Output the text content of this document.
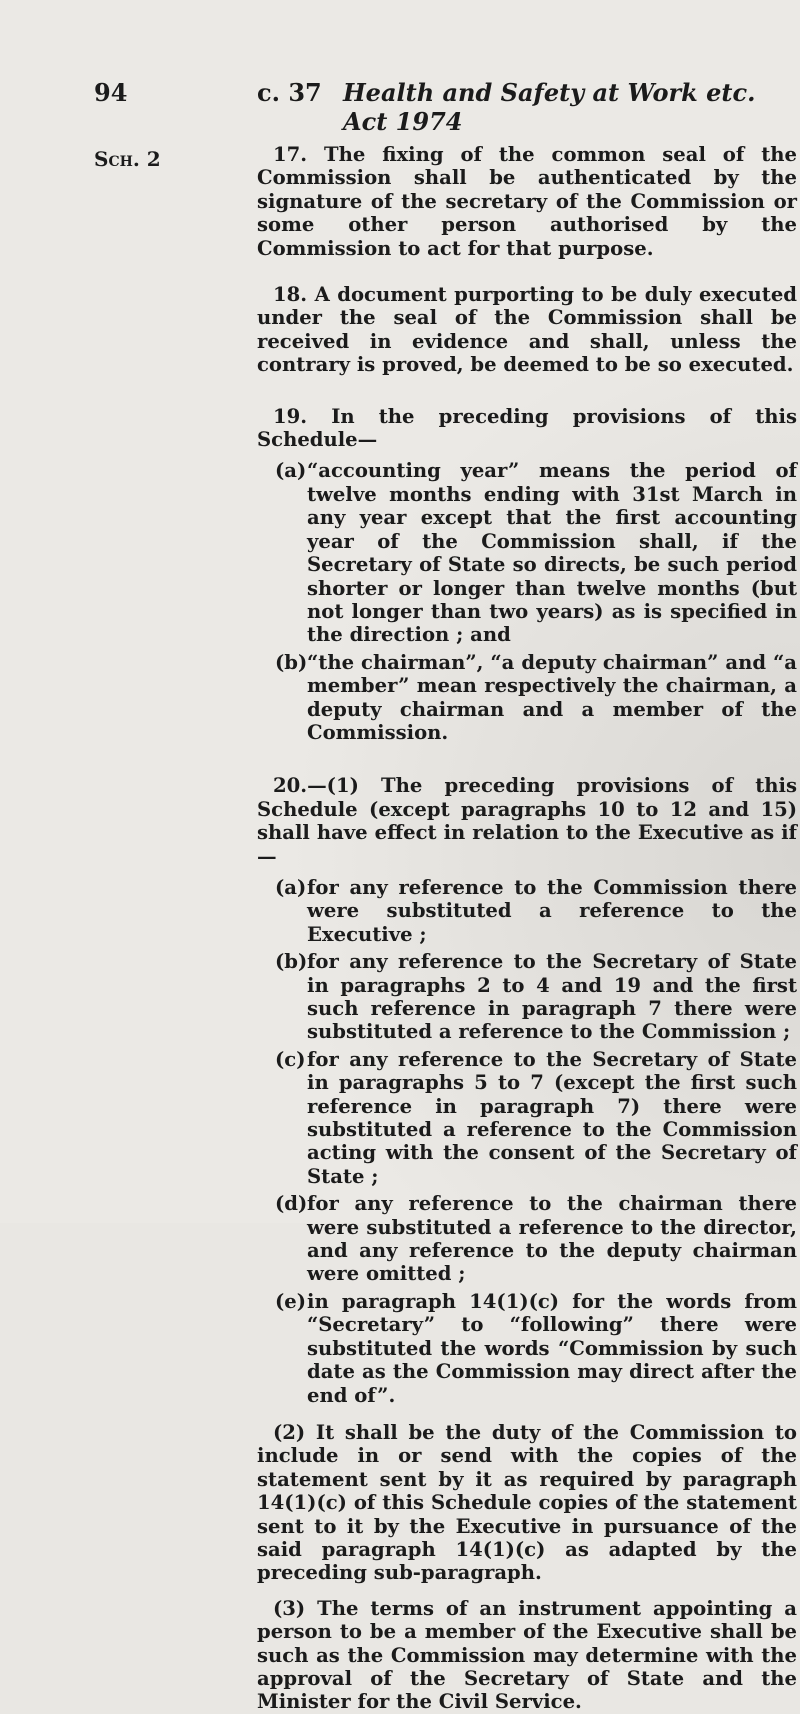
94	c. 37 Health and Safety at Work etc. Act 1974
Sch. 2	17. The fixing of the common seal of the Commission shall be authenticated by the signature of the secretary of the Commission or some other person authorised by the Commission to act for that purpose.

18. A document purporting to be duly executed under the seal of the Commission shall be received in evidence and shall, unless the contrary is proved, be deemed to be so executed.

19. In the preceding provisions of this Schedule—

(a)“accounting year” means the period of twelve months ending with 31st March in any year except that the first accounting year of the Commission shall, if the Secretary of State so directs, be such period shorter or longer than twelve months (but not longer than two years) as is specified in the direction ; and

(b)“the chairman”, “a deputy chairman” and “a member” mean respectively the chairman, a deputy chairman and a member of the Commission.

20.—(1) The preceding provisions of this Schedule (except paragraphs 10 to 12 and 15) shall have effect in relation to the Executive as if—

(a)for any reference to the Commission there were substituted a reference to the Executive ;

(b)for any reference to the Secretary of State in paragraphs 2 to 4 and 19 and the first such reference in paragraph 7 there were substituted a reference to the Commission ;

(c)for any reference to the Secretary of State in paragraphs 5 to 7 (except the first such reference in paragraph 7) there were substituted a reference to the Commission acting with the consent of the Secretary of State ;

(d)for any reference to the chairman there were substituted a reference to the director, and any reference to the deputy chairman were omitted ;

(e)in paragraph 14(1)(c) for the words from “Secretary” to “following” there were substituted the words “Commission by such date as the Commission may direct after the end of”.

(2) It shall be the duty of the Commission to include in or send with the copies of the statement sent by it as required by paragraph 14(1)(c) of this Schedule copies of the statement sent to it by the Executive in pursuance of the said paragraph 14(1)(c) as adapted by the preceding sub-paragraph.

(3) The terms of an instrument appointing a person to be a member of the Executive shall be such as the Commission may determine with the approval of the Secretary of State and the Minister for the Civil Service.
